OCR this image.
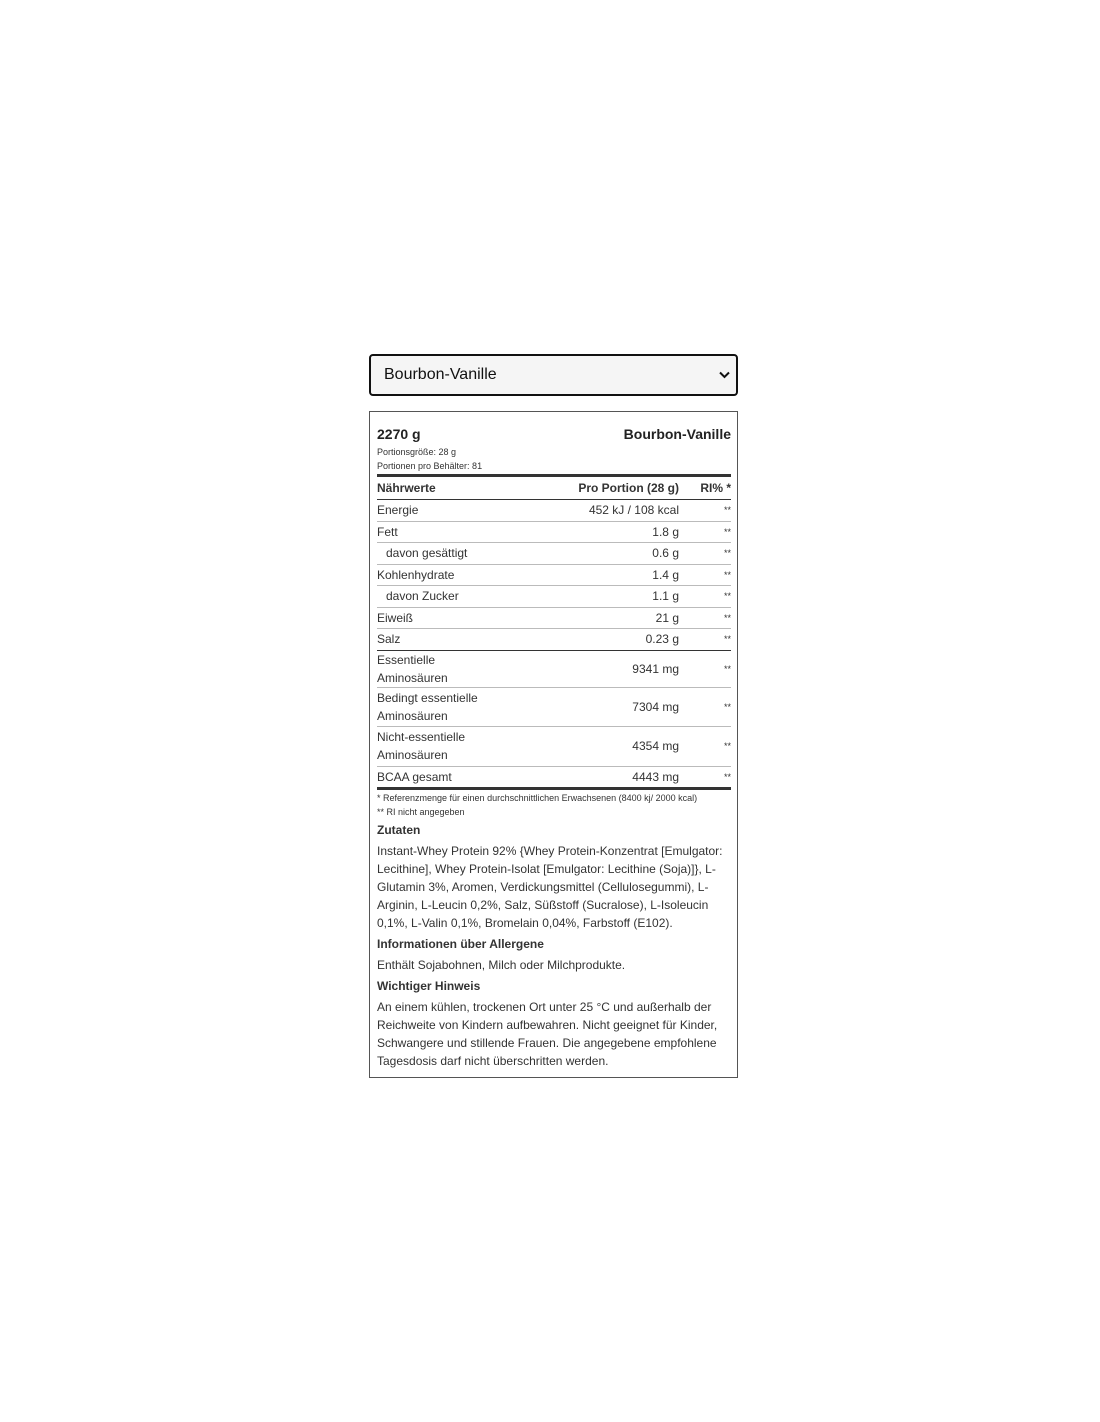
Bourbon-Vanille
2270 g	Bourbon-Vanille
Portionsgröße: 28 g
Portionen pro Behälter: 81
Nährwerte	Pro Portion (28 g)	RI% *
Energie	452 kJ / 108 kcal	**
Fett	1.8 g	**
davon gesättigt	0.6 g	**
Kohlenhydrate	1.4 g	**
davon Zucker	1.1 g	**
Eiweiß	21 g	**
Salz	0.23 g	**
Essentielle Aminosäuren	9341 mg	**
Bedingt essentielle Aminosäuren	7304 mg	**
Nicht-essentielle Aminosäuren	4354 mg	**
BCAA gesamt	4443 mg	**
* Referenzmenge für einen durchschnittlichen Erwachsenen (8400 kj/ 2000 kcal)
** RI nicht angegeben
Zutaten
Instant-Whey Protein 92% {Whey Protein-Konzentrat [Emulgator: Lecithine], Whey Protein-Isolat [Emulgator: Lecithine (Soja)]}, L-Glutamin 3%, Aromen, Verdickungsmittel (Cellulosegummi), L-Arginin, L-Leucin 0,2%, Salz, Süßstoff (Sucralose), L-Isoleucin 0,1%, L-Valin 0,1%, Bromelain 0,04%, Farbstoff (E102).
Informationen über Allergene
Enthält Sojabohnen, Milch oder Milchprodukte.
Wichtiger Hinweis
An einem kühlen, trockenen Ort unter 25 °C und außerhalb der Reichweite von Kindern aufbewahren. Nicht geeignet für Kinder, Schwangere und stillende Frauen. Die angegebene empfohlene Tagesdosis darf nicht überschritten werden.
